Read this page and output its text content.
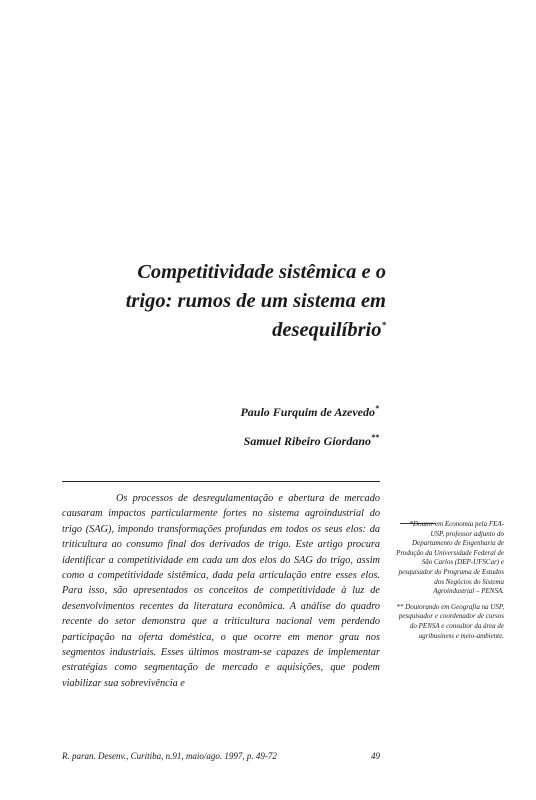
Competitividade sistêmica e o trigo: rumos de um sistema em desequilíbrio*
Paulo Furquim de Azevedo*
Samuel Ribeiro Giordano**

Os processos de desregulamentação e abertura de mercado causaram impactos particularmente fortes no sistema agroindustrial do trigo (SAG), impondo transformações profundas em todos os seus elos: da triticultura ao consumo final dos derivados de trigo. Este artigo procura identificar a competitividade em cada um dos elos do SAG do trigo, assim como a competitividade sistêmica, dada pela articulação entre esses elos. Para isso, são apresentados os conceitos de competitividade à luz de desenvolvimentos recentes da literatura econômica. A análise do quadro recente do setor demonstra que a triticultura nacional vem perdendo participação na oferta doméstica, o que ocorre em menor grau nos segmentos industriais. Esses últimos mostram-se capazes de implementar estratégias como segmentação de mercado e aquisições, que podem viabilizar sua sobrevivência e

*Doutor em Economia pela FEA-USP, professor adjunto do Departamento de Engenharia de Produção da Universidade Federal de São Carlos (DEP-UFSCar) e pesquisador do Programa de Estudos dos Negócios do Sistema Agroindustrial – PENSA.

** Doutorando em Geografia na USP, pesquisador e coordenador de cursos do PENSA e consultor da área de agribusiness e meio-ambiente.

R. paran. Desenv., Curitiba, n.91, maio/ago. 1997, p. 49-72	49
